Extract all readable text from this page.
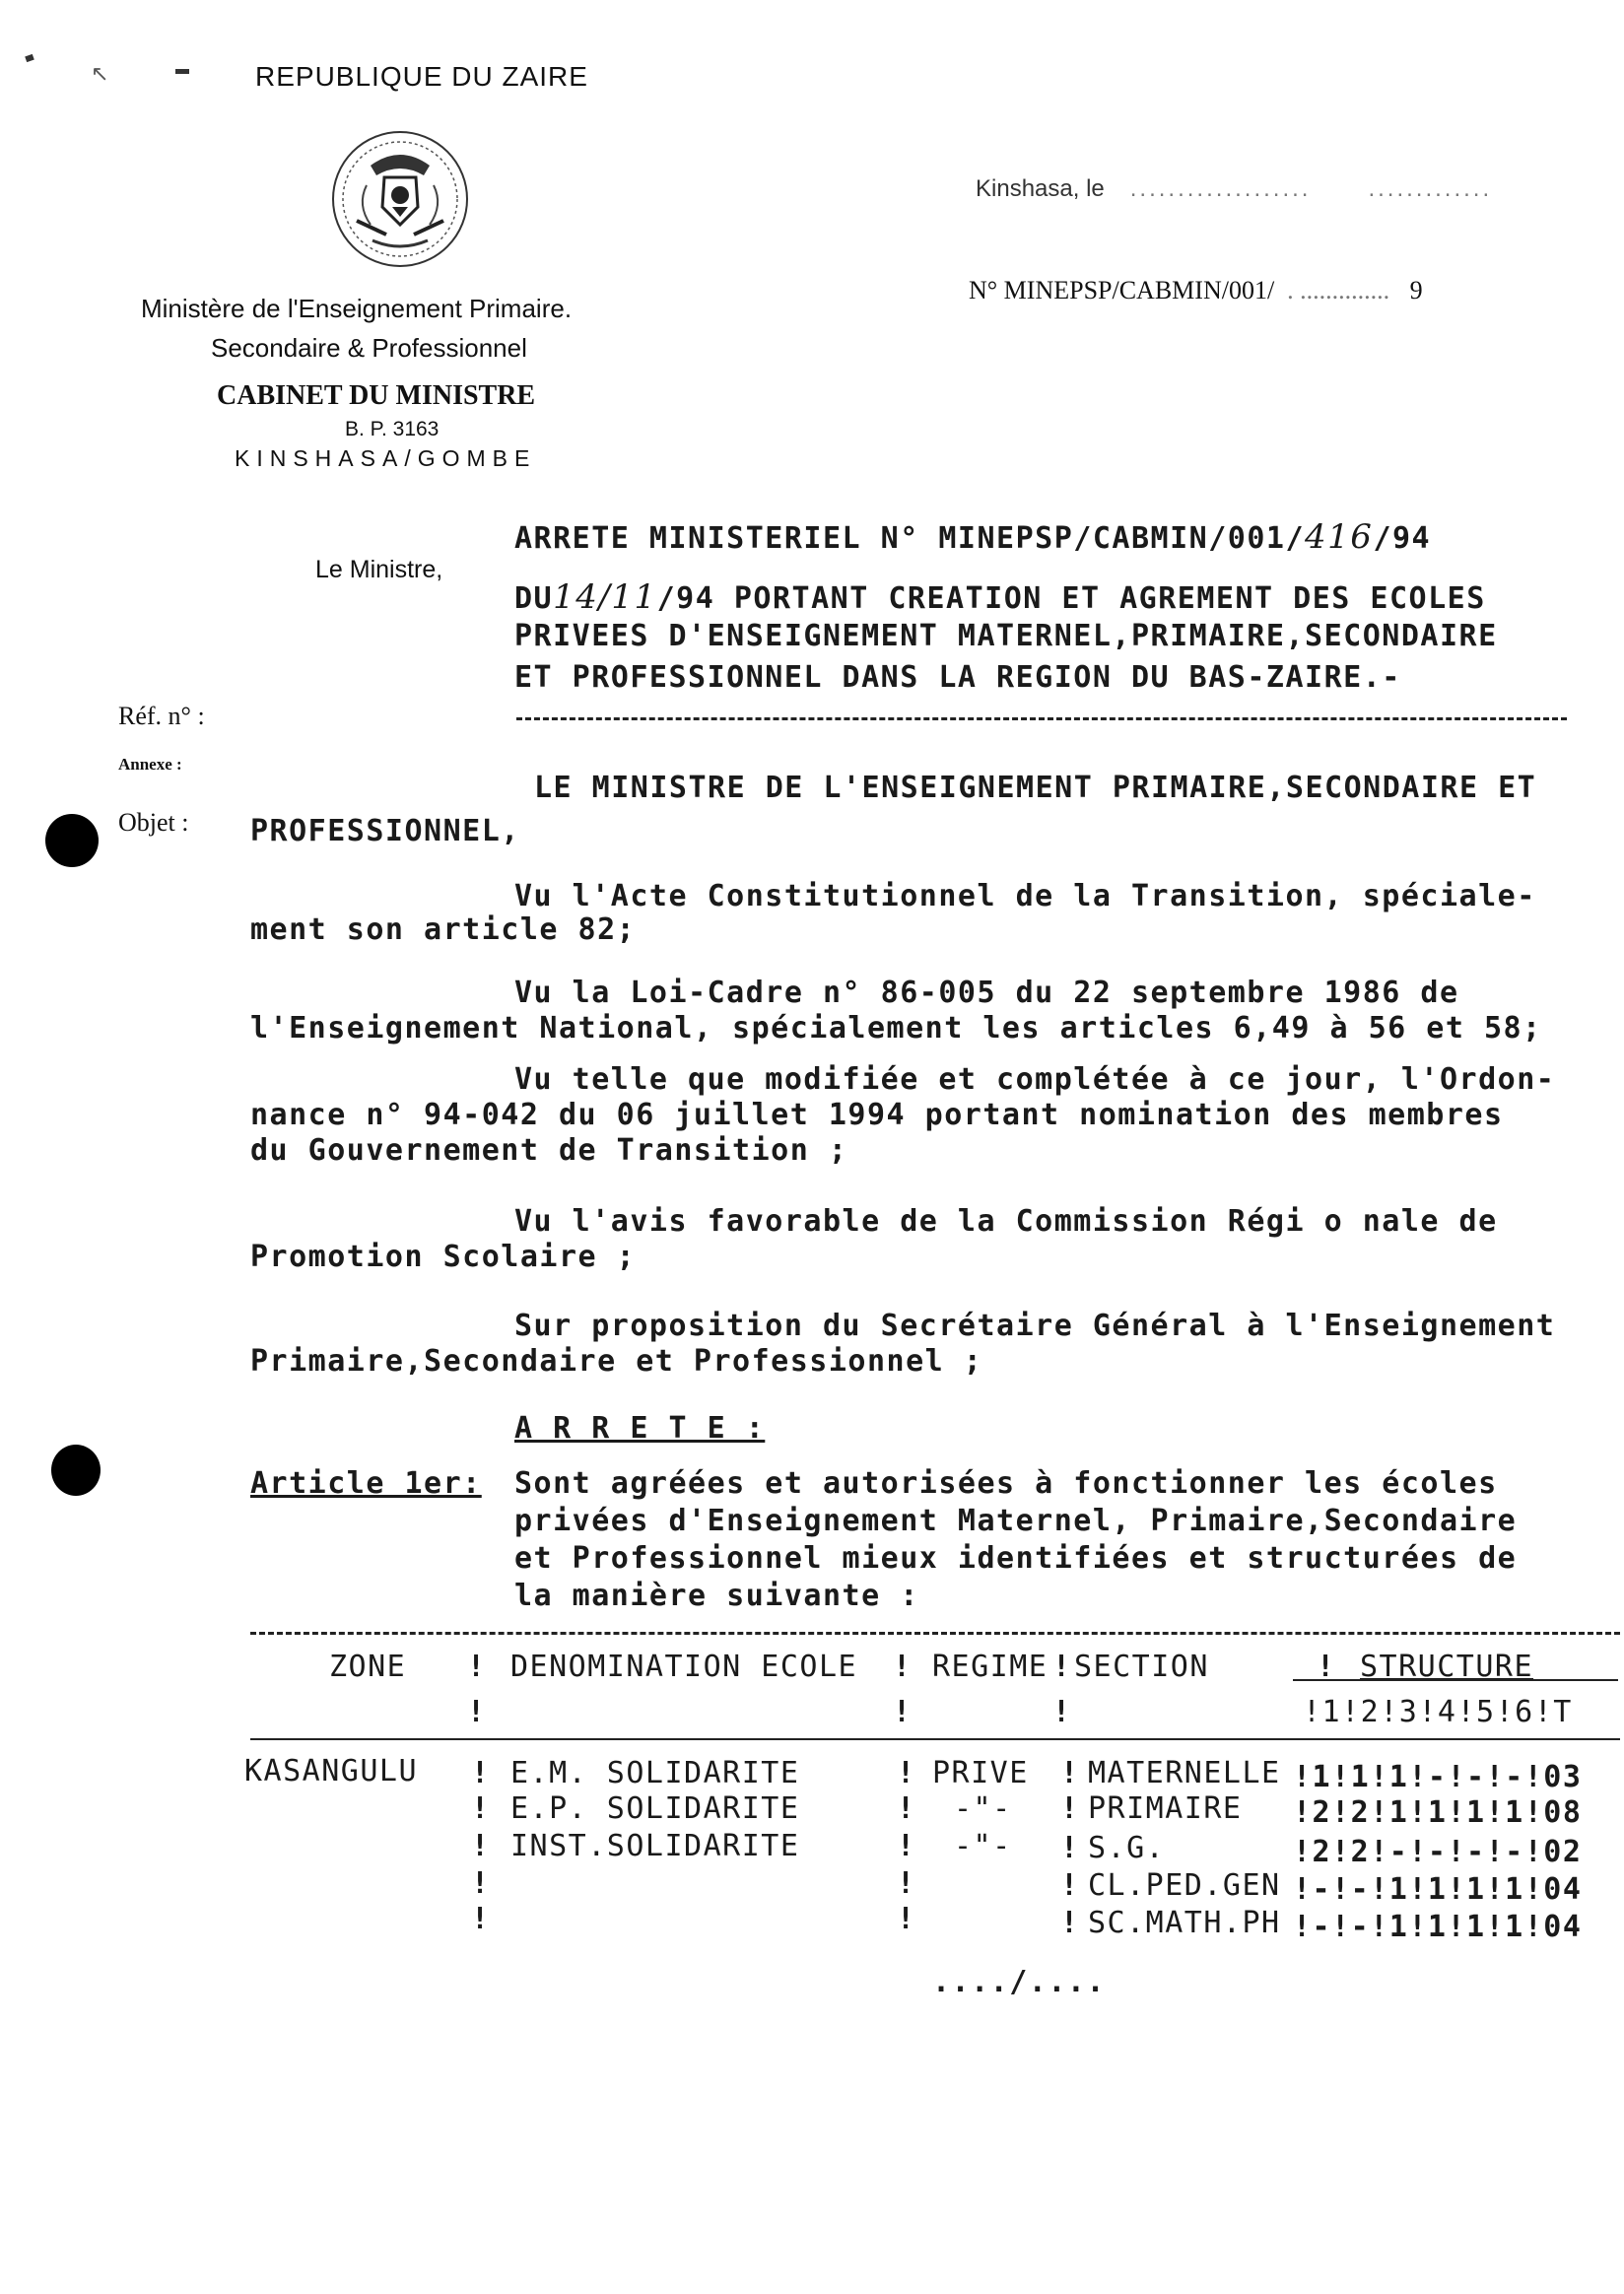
↖	REPUBLIQUE DU ZAIRE
Ministère de l'Enseignement Primaire.
Secondaire & Professionnel
CABINET DU MINISTRE
B. P. 3163
KINSHASA/GOMBE
Kinshasa, le   ...................      .............
N° MINEPSP/CABMIN/001/  . .............. 9
ARRETE MINISTERIEL N° MINEPSP/CABMIN/001/416/94
Le Ministre,
DU14/11/94 PORTANT CREATION ET AGREMENT DES ECOLES
PRIVEES D'ENSEIGNEMENT MATERNEL,PRIMAIRE,SECONDAIRE
ET PROFESSIONNEL DANS LA REGION DU BAS-ZAIRE.-
Réf. n° :
Annexe :
Objet :
LE MINISTRE DE L'ENSEIGNEMENT PRIMAIRE,SECONDAIRE ET
PROFESSIONNEL,
Vu l'Acte Constitutionnel de la Transition, spéciale-
ment son article 82;
Vu la Loi-Cadre n° 86-005 du 22 septembre 1986 de
l'Enseignement National, spécialement les articles 6,49 à 56 et 58;
Vu telle que modifiée et complétée à ce jour, l'Ordon-
nance n° 94-042 du 06 juillet 1994 portant nomination des membres
du Gouvernement de Transition ;
Vu l'avis favorable de la Commission Régi o nale de
Promotion Scolaire ;
Sur proposition du Secrétaire Général à l'Enseignement
Primaire,Secondaire et Professionnel ;
A R R E T E :
Article 1er: Sont agréées et autorisées à fonctionner les écoles
privées d'Enseignement Maternel, Primaire,Secondaire
et Professionnel mieux identifiées et structurées de
la manière suivante :
ZONE	DENOMINATION ECOLE	REGIME SECTION	STRUCTURE
!1!2!3!4!5!6!T
!	!	!	!
!	!	!
KASANGULU ! E.M. SOLIDARITE	! PRIVE ! MATERNELLE !1!1!1!-!-!-!03
! E.P. SOLIDARITE	! -"- ! PRIMAIRE !2!2!1!1!1!1!08
! INST.SOLIDARITE	! -"- ! S.G.	!2!2!-!-!-!-!02
!	!	! CL.PED.GEN !-!-!1!1!1!1!04
!	!	! SC.MATH.PH !-!-!1!1!1!1!04
..../....
